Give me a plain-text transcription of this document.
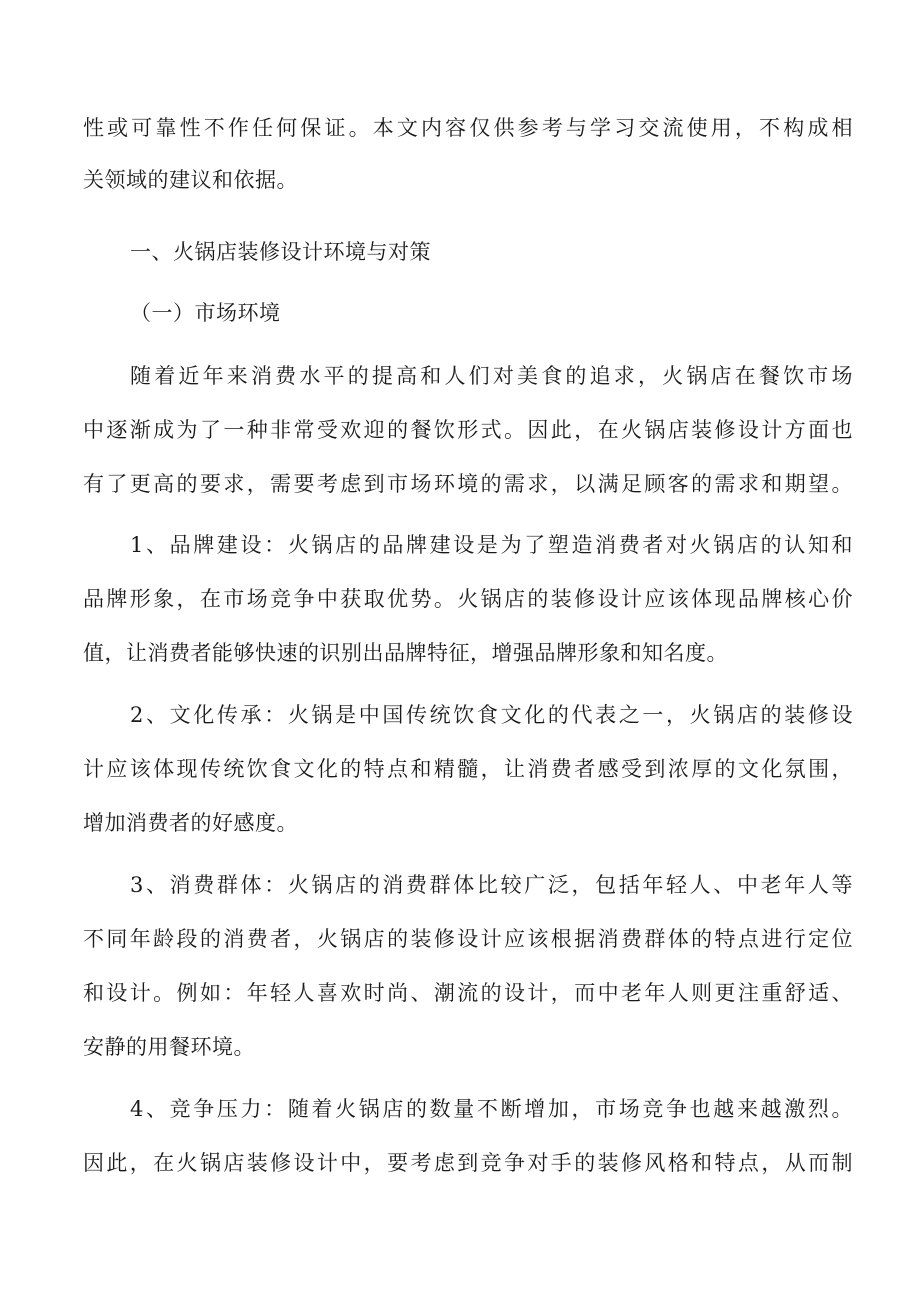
性或可靠性不作任何保证。本文内容仅供参考与学习交流使用，不构成相
关领域的建议和依据。
一、火锅店装修设计环境与对策
（一）市场环境
随着近年来消费水平的提高和人们对美食的追求，火锅店在餐饮市场
中逐渐成为了一种非常受欢迎的餐饮形式。因此，在火锅店装修设计方面也
有了更高的要求，需要考虑到市场环境的需求，以满足顾客的需求和期望。
1、品牌建设：火锅店的品牌建设是为了塑造消费者对火锅店的认知和
品牌形象，在市场竞争中获取优势。火锅店的装修设计应该体现品牌核心价
值，让消费者能够快速的识别出品牌特征，增强品牌形象和知名度。
2、文化传承：火锅是中国传统饮食文化的代表之一，火锅店的装修设
计应该体现传统饮食文化的特点和精髓，让消费者感受到浓厚的文化氛围，
增加消费者的好感度。
3、消费群体：火锅店的消费群体比较广泛，包括年轻人、中老年人等
不同年龄段的消费者，火锅店的装修设计应该根据消费群体的特点进行定位
和设计。例如：年轻人喜欢时尚、潮流的设计，而中老年人则更注重舒适、
安静的用餐环境。
4、竞争压力：随着火锅店的数量不断增加，市场竞争也越来越激烈。
因此，在火锅店装修设计中，要考虑到竞争对手的装修风格和特点，从而制
